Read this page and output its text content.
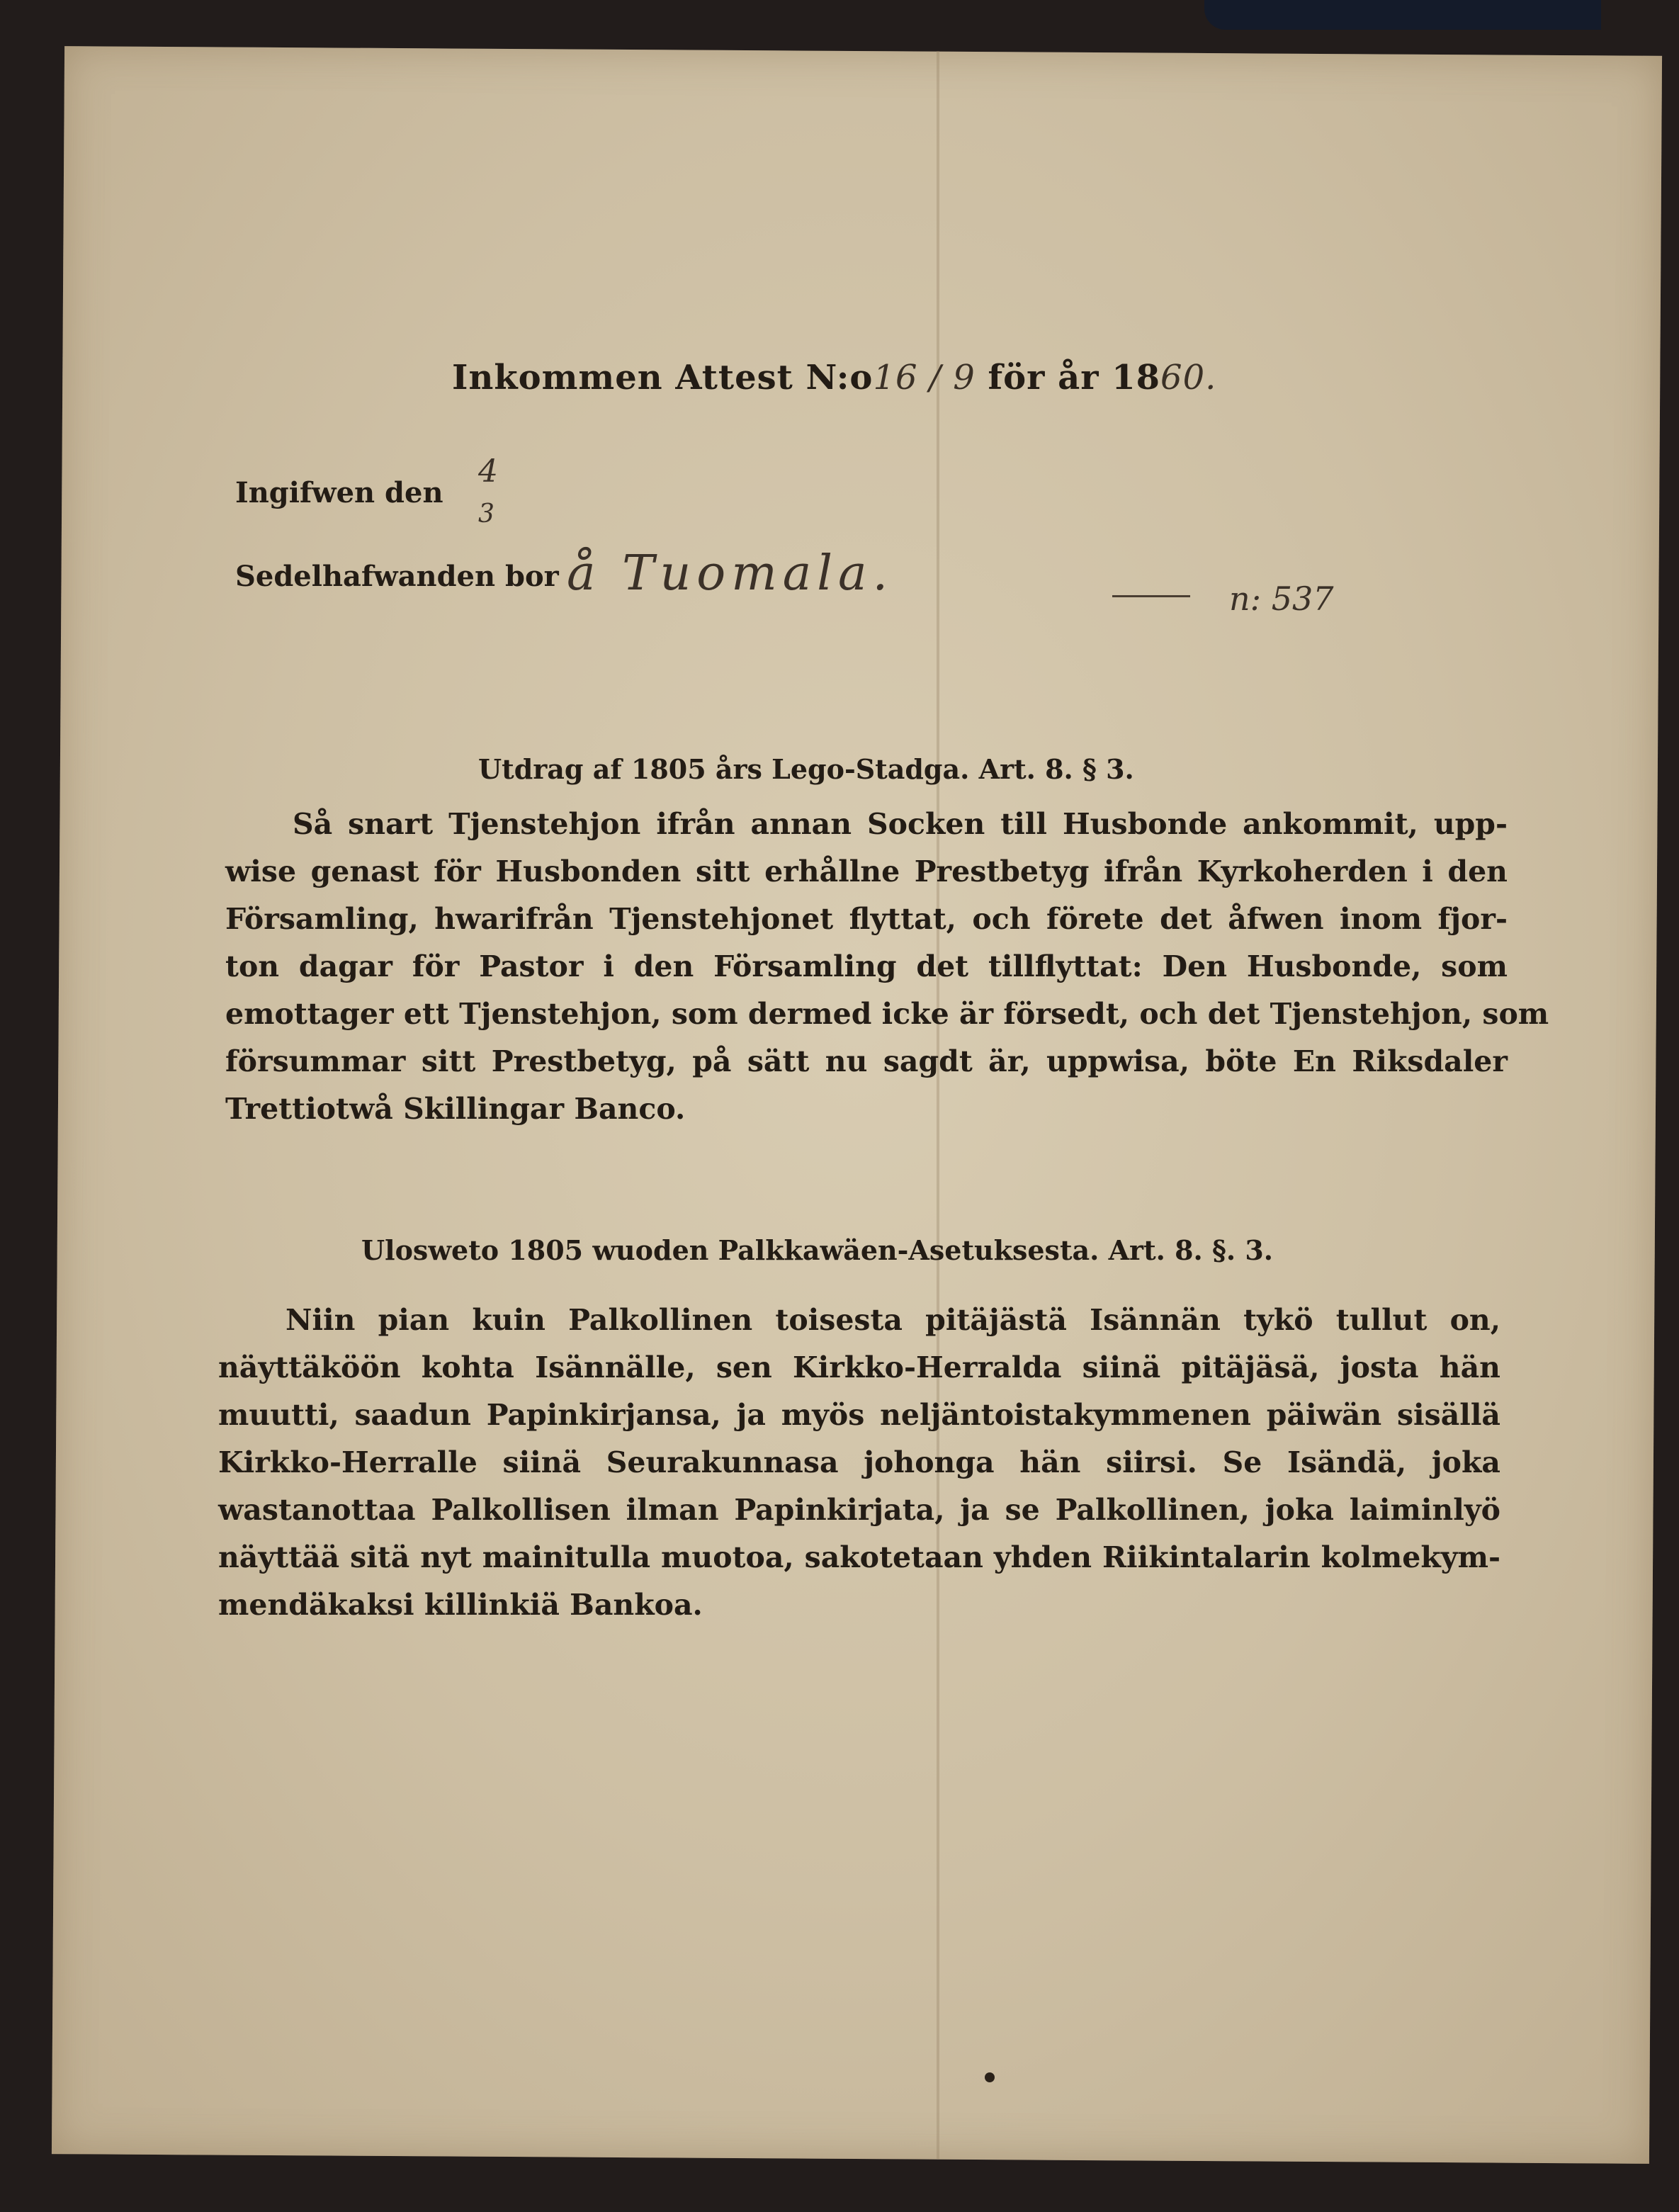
Inkommen Attest N:o16 / 9 för år 1860.
Ingifwen den
4
3
Sedelhafwanden bor å Tuomala.	n: 537
Utdrag af 1805 års Lego-Stadga. Art. 8. § 3.
Så snart Tjenstehjon ifrån annan Socken till Husbonde ankommit, upp-
wise genast för Husbonden sitt erhållne Prestbetyg ifrån Kyrkoherden i den
Församling, hwarifrån Tjenstehjonet flyttat, och förete det åfwen inom fjor-
ton dagar för Pastor i den Församling det tillflyttat: Den Husbonde, som
emottager ett Tjenstehjon, som dermed icke är försedt, och det Tjenstehjon, som
försummar sitt Prestbetyg, på sätt nu sagdt är, uppwisa, böte En Riksdaler
Trettiotwå Skillingar Banco.
Ulosweto 1805 wuoden Palkkawäen-Asetuksesta. Art. 8. §. 3.
Niin pian kuin Palkollinen toisesta pitäjästä Isännän tykö tullut on,
näyttäköön kohta Isännälle, sen Kirkko-Herralda siinä pitäjäsä, josta hän
muutti, saadun Papinkirjansa, ja myös neljäntoistakymmenen päiwän sisällä
Kirkko-Herralle siinä Seurakunnasa johonga hän siirsi. Se Isändä, joka
wastanottaa Palkollisen ilman Papinkirjata, ja se Palkollinen, joka laiminlyö
näyttää sitä nyt mainitulla muotoa, sakotetaan yhden Riikintalarin kolmekym-
mendäkaksi killinkiä Bankoa.
